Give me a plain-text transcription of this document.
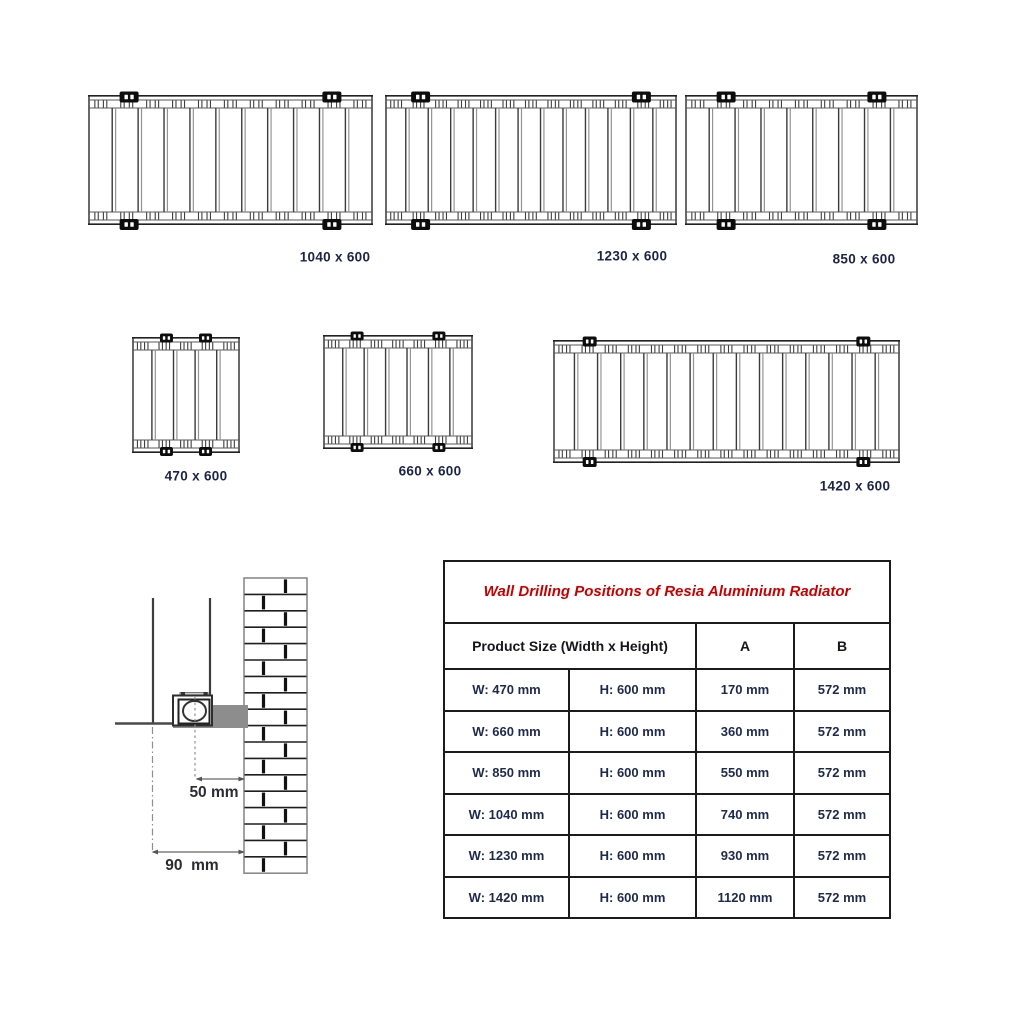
50 mm
90  mm
Wall Drilling Positions of Resia Aluminium Radiator			
Product Size (Width x Height)		A	B
W: 470 mm	H: 600 mm	170 mm	572 mm
W: 660 mm	H: 600 mm	360 mm	572 mm
W: 850 mm	H: 600 mm	550 mm	572 mm
W: 1040 mm	H: 600 mm	740 mm	572 mm
W: 1230 mm	H: 600 mm	930 mm	572 mm
W: 1420 mm	H: 600 mm	1120 mm	572 mm
1040 x 600	1230 x 600	850 x 600
470 x 600	660 x 600
1420 x 600
